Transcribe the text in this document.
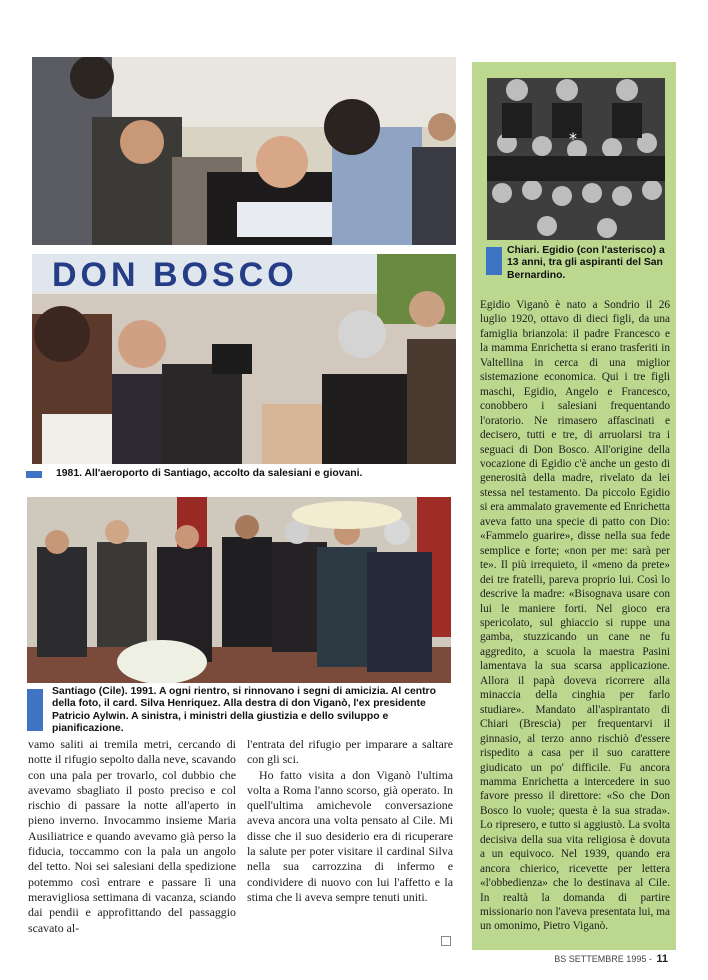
DON BOSCO
1981. All'aeroporto di Santiago, accolto da salesiani e giovani.
Santiago (Cile). 1991. A ogni rientro, si rinnovano i segni di amicizia. Al centro della foto, il card. Silva Henriquez. Alla destra di don Viganò, l'ex presidente Patricio Aylwin. A sinistra, i ministri della giustizia e dello sviluppo e pianificazione.
*
Chiari. Egidio (con l'asterisco) a 13 anni, tra gli aspiranti del San Bernardino.
Egidio Viganò è nato a Sondrio il 26 luglio 1920, ottavo di dieci figli, da una famiglia brianzola: il padre Francesco e la mamma Enrichetta si erano trasferiti in Valtellina in cerca di una miglior sistemazione economica. Qui i tre figli maschi, Egidio, Angelo e Francesco, conobbero i salesiani frequentando l'oratorio. Ne rimasero affascinati e decisero, tutti e tre, di arruolarsi tra i seguaci di Don Bosco. All'origine della vocazione di Egidio c'è anche un gesto di generosità della madre, rivelato da lei stessa nel testamento. Da piccolo Egidio si era ammalato gravemente ed Enrichetta aveva fatto una specie di patto con Dio: «Fammelo guarire», disse nella sua fede semplice e forte; «non per me: sarà per te». Il più irrequieto, il «meno da prete» dei tre fratelli, pareva proprio lui. Così lo descrive la madre: «Bisognava usare con lui le maniere forti. Nel gioco era spericolato, sul ghiaccio si ruppe una gamba, stuzzicando un cane ne fu aggredito, a scuola la maestra Pasini lamentava la sua scarsa applicazione. Allora il papà doveva ricorrere alla minaccia della cinghia per farlo studiare». Mandato all'aspirantato di Chiari (Brescia) per frequentarvi il ginnasio, al terzo anno rischiò d'essere rispedito a casa per il suo carattere giudicato un po' difficile. Fu ancora mamma Enrichetta a intercedere in suo favore presso il direttore: «So che Don Bosco lo vuole; questa è la sua strada». Lo ripresero, e tutto si aggiustò. La svolta decisiva della sua vita religiosa è dovuta a un equivoco. Nel 1939, quando era ancora chierico, ricevette per lettera «l'obbedienza» che lo destinava al Cile. In realtà la domanda di partire missionario non l'aveva presentata lui, ma un omonimo, Pietro Viganò.

vamo saliti ai tremila metri, cercando di notte il rifugio sepolto dalla neve, scavando con una pala per trovarlo, col dubbio che avevamo sbagliato il posto preciso e col rischio di passare la notte all'aperto in pieno inverno. Invocammo insieme Maria Ausiliatrice e quando avevamo già perso la fiducia, toccammo con la pala un angolo del tetto. Noi sei salesiani della spedizione potemmo così entrare e passare lì una meravigliosa settimana di vacanza, sciando dai pendii e approfittando del passaggio scavato al-

l'entrata del rifugio per imparare a saltare con gli sci.

Ho fatto visita a don Viganò l'ultima volta a Roma l'anno scorso, già operato. In quell'ultima amichevole conversazione aveva ancora una volta pensato al Cile. Mi disse che il suo desiderio era di ricuperare la salute per poter visitare il cardinal Silva nella sua carrozzina di infermo e condividere di nuovo con lui l'affetto e la stima che li aveva sempre tenuti uniti.

BS SETTEMBRE 1995 - 11
